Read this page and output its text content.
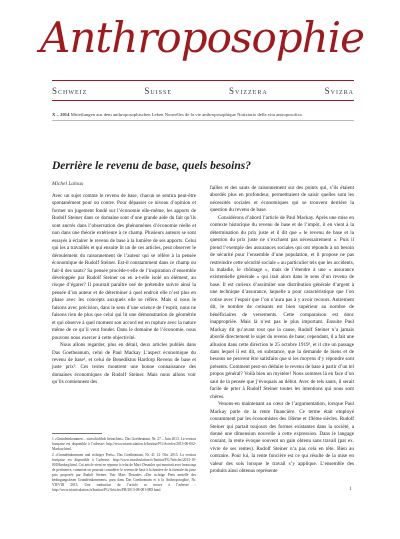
Anthroposophie
Schweiz	Suisse	Svizzera	Svizra
X – 2014 Mitteilungen aus dem anthroposophischen Leben Nouvelles de la vie anthroposophique Notiziario della vita antroposofica
Derrière le revenu de base, quels besoins?
Michel Laloux

Avec un sujet comme le revenu de base, chacun se sentira peut-être spontanément pour ou contre. Pour dépasser ce niveau d’opinion et former un jugement fondé sur l’économie elle-même, les apports de Rudolf Steiner dans ce domaine sont d’une grande aide du fait qu’ils sont ancrés dans l’observation des phénomènes d’économie réelle et non dans une théorie extérieure à ce champ. Plusieurs auteurs se sont essayés à éclairer le revenu de base à la lumière de ses apports. Celui qui les a travaillés et qui ensuite lit un de ces articles, peut observer le déroulement du raisonnement de l’auteur qui se réfère à la pensée économique de Rudolf Steiner. Est-il constamment dans ce champ ou fait-il des sauts? Sa pensée procède-t-elle de l’inspiration d’ensemble développée par Rudolf Steiner ou en a-t-elle isolé un élément, au risque d’égarer? Il pourrait paraître osé de prétendre suivre ainsi la pensée d’un auteur et de déterminer à quel endroit elle n’est plus en phase avec les concepts auxquels elle se réfère. Mais si nous le faisons avec précision, dans le sens d’une science de l’esprit, nous ne faisons rien de plus que celui qui lit une démonstration de géométrie et qui observe à quel moment son accord est en rupture avec la nature même de ce qu’il veut fonder. Dans le domaine de l’économie, nous pouvons nous exercer à cette objectivité.

Nous allons regarder, plus en détail, deux articles publiés dans Das Goetheanum, celui de Paul Mackay L’aspect économique du revenu de base¹, et celui de Benediktus Hardorp Revenu de base et juste prix². Ces textes montrent une bonne connaissance des domaines économiques de Rudolf Steiner. Mais nous allons voir qu’ils contiennent des

failles et des sauts de raisonnement sur des points qui, s’ils étaient abordés plus en profondeur, permettraient de saisir quelles sont les nécessités sociales et économiques qui se trouvent derrière la question du revenu de base.

Considérons d’abord l’article de Paul Mackay. Après une mise en contexte historique du revenu de base et de l’impôt, il en vient à la détermination du prix juste et il dit que « le revenu de base et la question du prix juste ne s’excluent pas nécessairement ». Puis il prend l’exemple des assurances sociales qui ont répondu à un besoin de sécurité pour l’ensemble d’une population, et il propose ne pas restreindre cette sécurité sociale « au particulier tels que les accidents, la maladie, le chômage », mais de l’étendre à une « assurance existentielle générale » qui irait alors dans le sens d’un revenu de base. Il est curieux d’assimiler une distribution générale d’argent à une technique d’assurance, laquelle a pour caractéristique que l’on cotise avec l’espoir que l’on n’aura pas à y avoir recours. Autrement dit, le nombre de cotisants est bien supérieur au nombre de bénéficiaires de versements. Cette comparaison est donc inappropriée. Mais là n’est pas le plus important. Ensuite Paul Mackay dit qu’avant tout que la cause, Rudolf Steiner n’a jamais abordé directement le sujet du revenu de base; cependant, il a fait une allusion dans cette direction le 25 octobre 1919³, et il cite un passage dans lequel il est dit, en substance, que la demande de biens et de besoins ne peuvent être satisfaits que si les moyens d’y répondre sont présents. Comment peut-on déduire le revenu de base à partir d’un tel propos général? Voilà bien un mystère! Nous sommes là en face d’un saut de la pensée que j’évoquais au début. Avec de tels sauts, il serait facile de prter à Rudolf Steiner toutes les intentions qui nous sont chères.

Venons-en maintenant au cœur de l’argumentation, lorsque Paul Mackay parle de la rente financière. Ce terme était employé couramment par les économistes des 18ème et 19ème siècles. Rudolf Steiner qui partait toujours des formes existantes dans la société, a donné une dimension nouvelle à cette expression. Dans le langage courant, la rente évoque souvent un gain obtenu sans travail (par ex. vivre de ses rentes). Rudolf Steiner n’a pas cela en tête. Bien au contraire. Pour lui, la rente foncière est ce qui résulte de la mise en valeur des sols lorsque le travail s’y applique. L’ensemble des produits ainsi obtenus représente

1 «Grundeinkommen – wirtschaftlich betrachtet», Das Goetheanum, Nr. 27 – Juin 2013. La version française est disponible à l’adresse: http://www.triarticulation.fr/Institut/FG/Articles/2013-06-002-Mackay.html.

2 «Grundeinkommen und richtiger Preis», Das Goetheanum, Nr. 41 12. Okt. 2013. La version française est disponible à l’adresse: http://www.triarticulation.fr/Institut/FG/Articles/2013-10-001Hardorp.html. Cet article vient en réponse à celui de Marc Desaules qui montrait avec beaucoup de pertinence, comment on pourrait considérer le revenu de base à la lumière de la formule du juste prix proposée par Rudolf Steiner. Voir Marc Desaules «Der richtige Preis anstelle des bedingungslosen Grundeinkommens» paru dans Das Goetheanum et à la Anthroposophie, Nr. VII/VIII 2013. Une traduction de l’article se trouve à l’adresse : http://www.triarticulation.fr/Institut/FG/Articles/FR/2013-08-001-MD.html.	1
